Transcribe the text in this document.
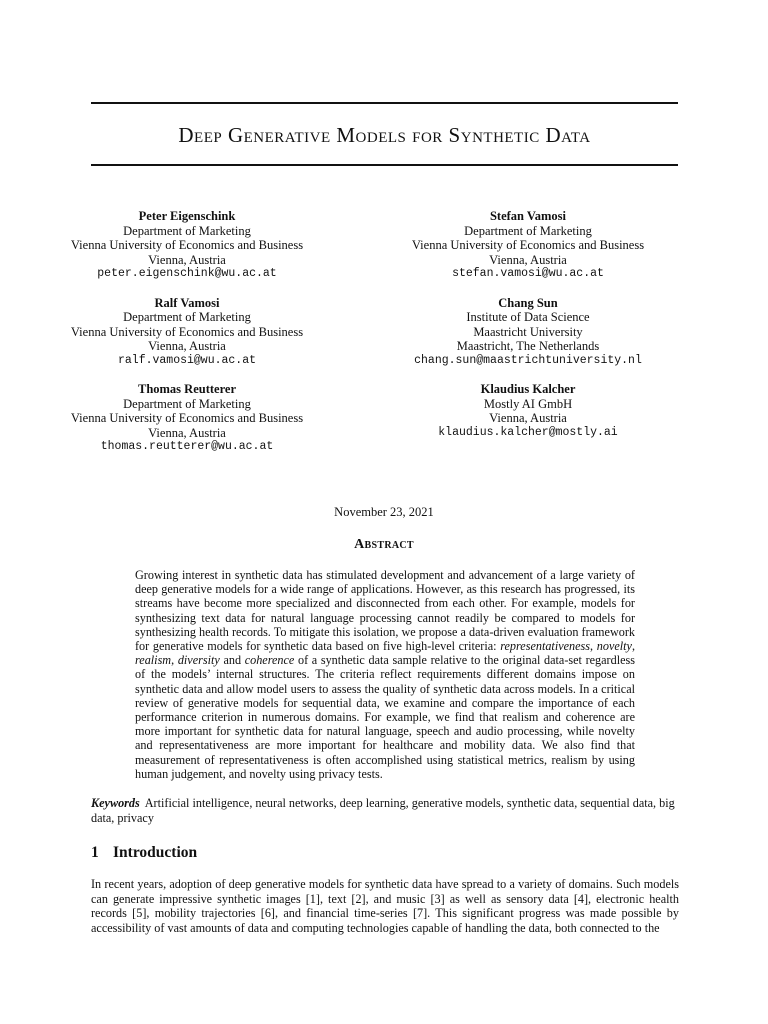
Deep Generative Models for Synthetic Data
Peter Eigenschink
Department of Marketing
Vienna University of Economics and Business
Vienna, Austria
peter.eigenschink@wu.ac.at
Stefan Vamosi
Department of Marketing
Vienna University of Economics and Business
Vienna, Austria
stefan.vamosi@wu.ac.at
Ralf Vamosi
Department of Marketing
Vienna University of Economics and Business
Vienna, Austria
ralf.vamosi@wu.ac.at
Chang Sun
Institute of Data Science
Maastricht University
Maastricht, The Netherlands
chang.sun@maastrichtuniversity.nl
Thomas Reutterer
Department of Marketing
Vienna University of Economics and Business
Vienna, Austria
thomas.reutterer@wu.ac.at
Klaudius Kalcher
Mostly AI GmbH
Vienna, Austria
klaudius.kalcher@mostly.ai
November 23, 2021
Abstract
Growing interest in synthetic data has stimulated development and advancement of a large variety of deep generative models for a wide range of applications. However, as this research has progressed, its streams have become more specialized and disconnected from each other. For example, models for synthesizing text data for natural language processing cannot readily be compared to models for synthesizing health records. To mitigate this isolation, we propose a data-driven evaluation framework for generative models for synthetic data based on five high-level criteria: representativeness, novelty, realism, diversity and coherence of a synthetic data sample relative to the original data-set regardless of the models’ internal structures. The criteria reflect requirements different domains impose on synthetic data and allow model users to assess the quality of synthetic data across models. In a critical review of generative models for sequential data, we examine and compare the importance of each performance criterion in numerous domains. For example, we find that realism and coherence are more important for synthetic data for natural language, speech and audio processing, while novelty and representativeness are more important for healthcare and mobility data. We also find that measurement of representativeness is often accomplished using statistical metrics, realism by using human judgement, and novelty using privacy tests.
Keywords Artificial intelligence, neural networks, deep learning, generative models, synthetic data, sequential data, big data, privacy
1 Introduction
In recent years, adoption of deep generative models for synthetic data have spread to a variety of domains. Such models can generate impressive synthetic images [1], text [2], and music [3] as well as sensory data [4], electronic health records [5], mobility trajectories [6], and financial time-series [7]. This significant progress was made possible by accessibility of vast amounts of data and computing technologies capable of handling the data, both connected to the
